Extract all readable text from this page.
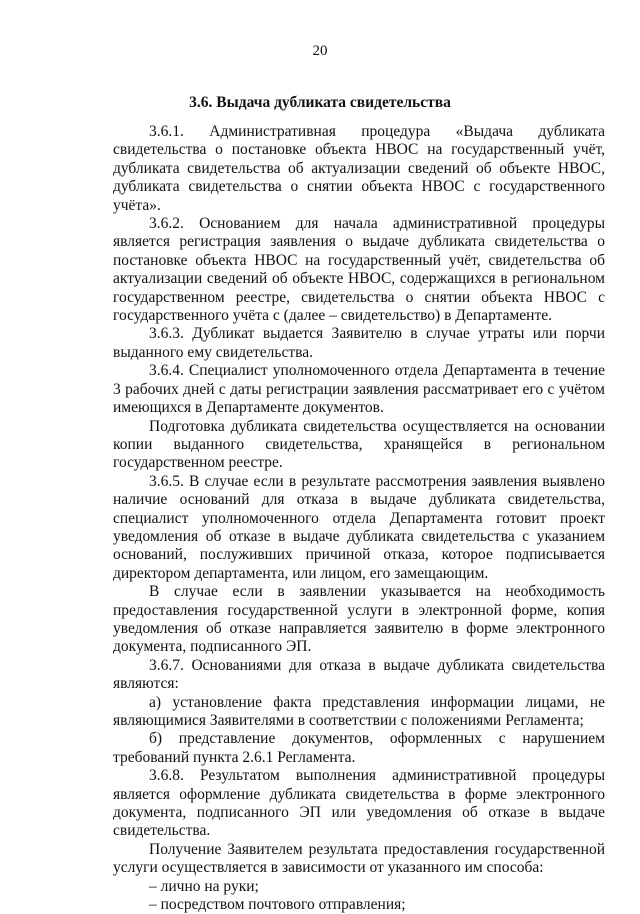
20
3.6. Выдача дубликата свидетельства

3.6.1. Административная процедура «Выдача дубликата свидетельства о постановке объекта НВОС на государственный учёт, дубликата свидетельства об актуализации сведений об объекте НВОС, дубликата свидетельства о снятии объекта НВОС с государственного учёта».

3.6.2. Основанием для начала административной процедуры является регистрация заявления о выдаче дубликата свидетельства о постановке объекта НВОС на государственный учёт, свидетельства об актуализации сведений об объекте НВОС, содержащихся в региональном государственном реестре, свидетельства о снятии объекта НВОС с государственного учёта с (далее – свидетельство) в Департаменте.

3.6.3. Дубликат выдается Заявителю в случае утраты или порчи выданного ему свидетельства.

3.6.4. Специалист уполномоченного отдела Департамента в течение 3 рабочих дней с даты регистрации заявления рассматривает его с учётом имеющихся в Департаменте документов.

Подготовка дубликата свидетельства осуществляется на основании копии выданного свидетельства, хранящейся в региональном государственном реестре.

3.6.5. В случае если в результате рассмотрения заявления выявлено наличие оснований для отказа в выдаче дубликата свидетельства, специалист уполномоченного отдела Департамента готовит проект уведомления об отказе в выдаче дубликата свидетельства с указанием оснований, послуживших причиной отказа, которое подписывается директором департамента, или лицом, его замещающим.

В случае если в заявлении указывается на необходимость предоставления государственной услуги в электронной форме, копия уведомления об отказе направляется заявителю в форме электронного документа, подписанного ЭП.

3.6.7. Основаниями для отказа в выдаче дубликата свидетельства являются:

а) установление факта представления информации лицами, не являющимися Заявителями в соответствии с положениями Регламента;

б) представление документов, оформленных с нарушением требований пункта 2.6.1 Регламента.

3.6.8. Результатом выполнения административной процедуры является оформление дубликата свидетельства в форме электронного документа, подписанного ЭП или уведомления об отказе в выдаче свидетельства.

Получение Заявителем результата предоставления государственной услуги осуществляется в зависимости от указанного им способа:

– лично на руки;

– посредством почтового отправления;
